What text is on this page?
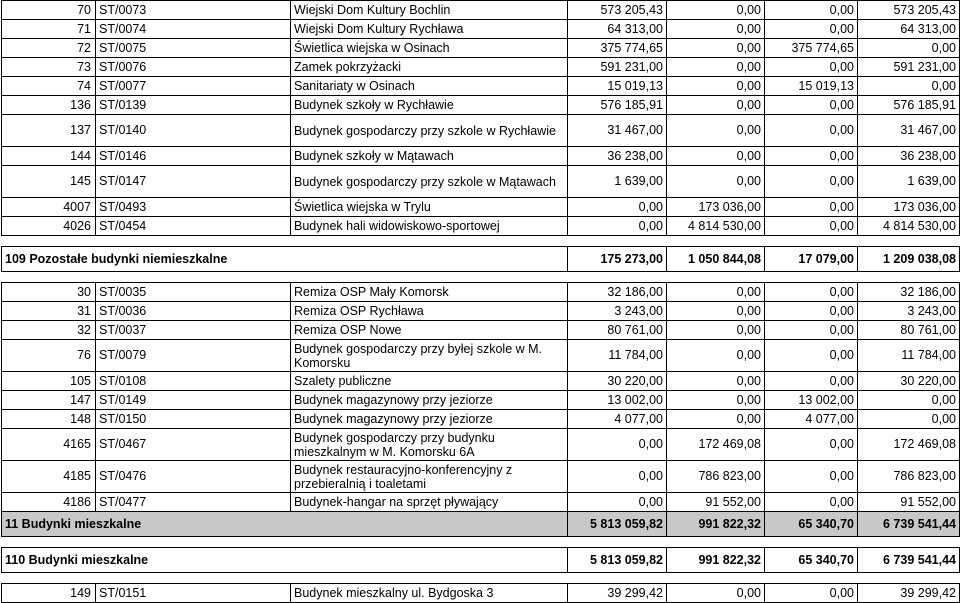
70	ST/0073	Wiejski Dom Kultury Bochlin	573 205,43	0,00	0,00	573 205,43
71	ST/0074	Wiejski Dom Kultury Rychława	64 313,00	0,00	0,00	64 313,00
72	ST/0075	Świetlica wiejska w Osinach	375 774,65	0,00	375 774,65	0,00
73	ST/0076	Zamek pokrzyżacki	591 231,00	0,00	0,00	591 231,00
74	ST/0077	Sanitariaty w Osinach	15 019,13	0,00	15 019,13	0,00
136	ST/0139	Budynek szkoły w Rychławie	576 185,91	0,00	0,00	576 185,91
137	ST/0140	Budynek gospodarczy przy szkole w Rychławie	31 467,00	0,00	0,00	31 467,00
144	ST/0146	Budynek szkoły w Mątawach	36 238,00	0,00	0,00	36 238,00
145	ST/0147	Budynek gospodarczy przy szkole w Mątawach	1 639,00	0,00	0,00	1 639,00
4007	ST/0493	Świetlica wiejska w Trylu	0,00	173 036,00	0,00	173 036,00
4026	ST/0454	Budynek hali widowiskowo-sportowej	0,00	4 814 530,00	0,00	4 814 530,00

109 Pozostałe budynki niemieszkalne			175 273,00	1 050 844,08	17 079,00	1 209 038,08

30	ST/0035	Remiza OSP Mały Komorsk	32 186,00	0,00	0,00	32 186,00
31	ST/0036	Remiza OSP Rychława	3 243,00	0,00	0,00	3 243,00
32	ST/0037	Remiza OSP Nowe	80 761,00	0,00	0,00	80 761,00
76	ST/0079	Budynek gospodarczy przy byłej szkole w M. Komorsku	11 784,00	0,00	0,00	11 784,00
105	ST/0108	Szalety publiczne	30 220,00	0,00	0,00	30 220,00
147	ST/0149	Budynek magazynowy przy jeziorze	13 002,00	0,00	13 002,00	0,00
148	ST/0150	Budynek magazynowy przy jeziorze	4 077,00	0,00	4 077,00	0,00
4165	ST/0467	Budynek gospodarczy przy budynku mieszkalnym w M. Komorsku 6A	0,00	172 469,08	0,00	172 469,08
4185	ST/0476	Budynek restauracyjno-konferencyjny z przebieralnią i toaletami	0,00	786 823,00	0,00	786 823,00
4186	ST/0477	Budynek-hangar na sprzęt pływający	0,00	91 552,00	0,00	91 552,00
11 Budynki mieszkalne			5 813 059,82	991 822,32	65 340,70	6 739 541,44

110 Budynki mieszkalne			5 813 059,82	991 822,32	65 340,70	6 739 541,44

149	ST/0151	Budynek mieszkalny ul. Bydgoska 3	39 299,42	0,00	0,00	39 299,42
